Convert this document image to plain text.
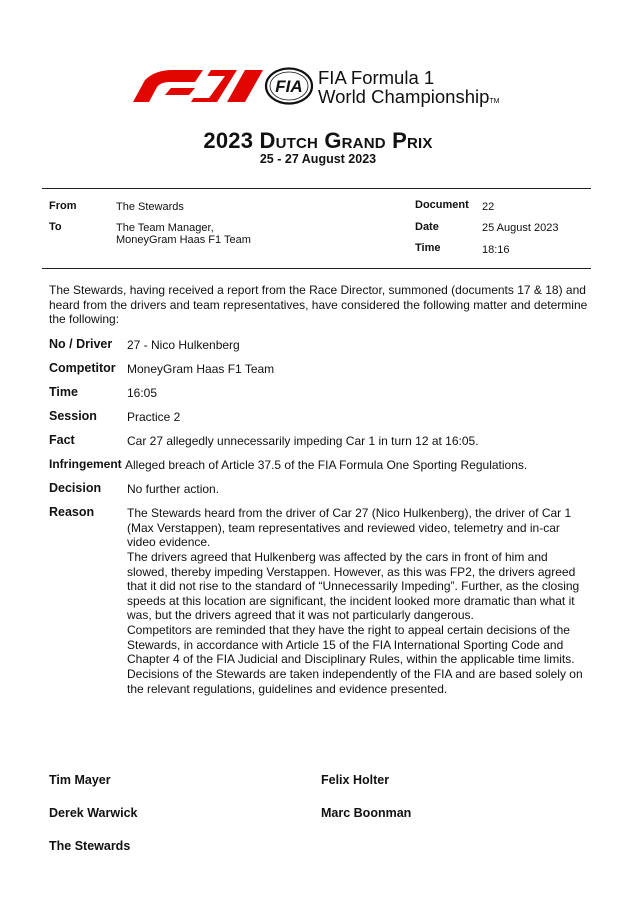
FIA FIA Formula 1
World ChampionshipTM
2023 Dutch Grand Prix
25 - 27 August 2023
From	The Stewards
To	The Team Manager,
MoneyGram Haas F1 Team
Document 22
Date	25 August 2023
Time	18:16
The Stewards, having received a report from the Race Director, summoned (documents 17 & 18) and heard from the drivers and team representatives, have considered the following matter and determine the following:
No / Driver 27 - Nico Hulkenberg
Competitor MoneyGram Haas F1 Team
Time	16:05
Session	Practice 2
Fact	Car 27 allegedly unnecessarily impeding Car 1 in turn 12 at 16:05.
Infringement Alleged breach of Article 37.5 of the FIA Formula One Sporting Regulations.
Decision No further action.
Reason	The Stewards heard from the driver of Car 27 (Nico Hulkenberg), the driver of Car 1 (Max Verstappen), team representatives and reviewed video, telemetry and in-car video evidence.
The drivers agreed that Hulkenberg was affected by the cars in front of him and slowed, thereby impeding Verstappen. However, as this was FP2, the drivers agreed that it did not rise to the standard of “Unnecessarily Impeding”. Further, as the closing speeds at this location are significant, the incident looked more dramatic than what it was, but the drivers agreed that it was not particularly dangerous.
Competitors are reminded that they have the right to appeal certain decisions of the Stewards, in accordance with Article 15 of the FIA International Sporting Code and Chapter 4 of the FIA Judicial and Disciplinary Rules, within the applicable time limits.
Decisions of the Stewards are taken independently of the FIA and are based solely on the relevant regulations, guidelines and evidence presented.
Tim Mayer	Felix Holter
Derek Warwick	Marc Boonman
The Stewards
